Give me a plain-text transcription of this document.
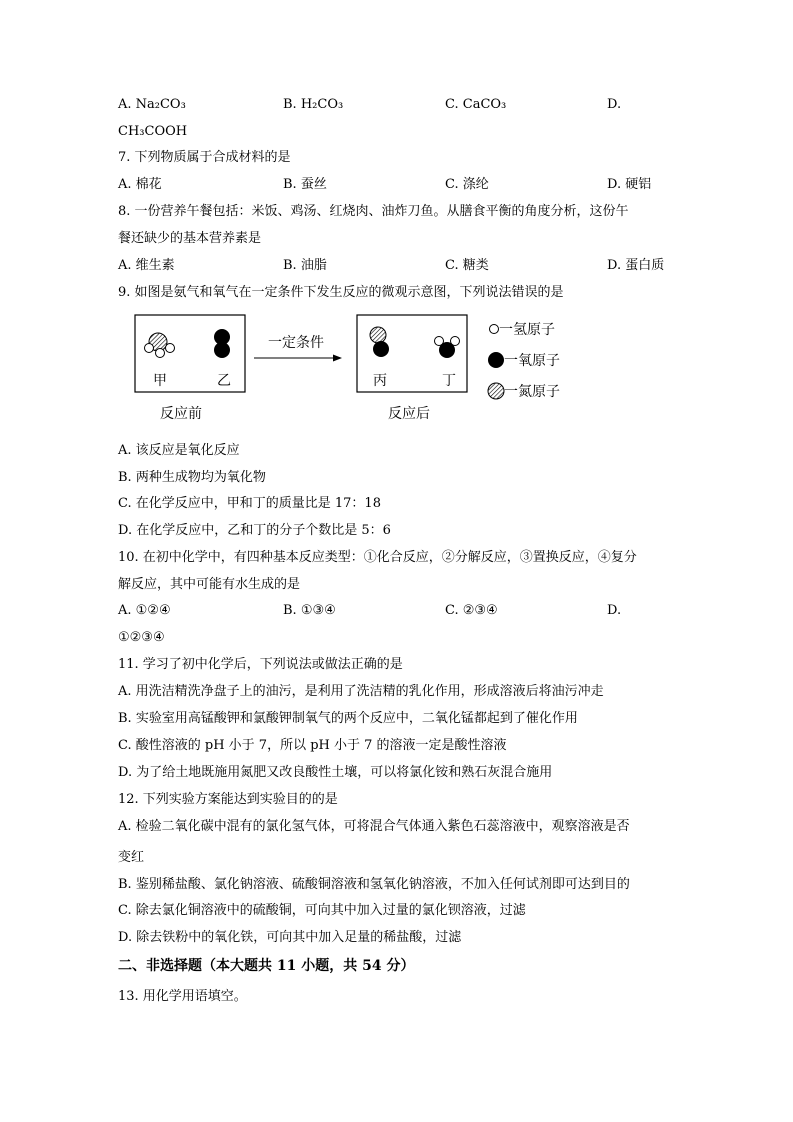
A. Na₂CO₃	B. H₂CO₃	C. CaCO₃	D.
CH₃COOH
7. 下列物质属于合成材料的是
A. 棉花	B. 蚕丝	C. 涤纶	D. 硬铝
8. 一份营养午餐包括：米饭、鸡汤、红烧肉、油炸刀鱼。从膳食平衡的角度分析，这份午
餐还缺少的基本营养素是
A. 维生素	B. 油脂	C. 糖类	D. 蛋白质
9. 如图是氨气和氧气在一定条件下发生反应的微观示意图，下列说法错误的是
甲	乙
一定条件
丙	丁
反应前	反应后
一氢原子
一氧原子
一氮原子
A. 该反应是氧化反应
B. 两种生成物均为氧化物
C. 在化学反应中，甲和丁的质量比是 17：18
D. 在化学反应中，乙和丁的分子个数比是 5：6
10. 在初中化学中，有四种基本反应类型：①化合反应，②分解反应，③置换反应，④复分
解反应，其中可能有水生成的是
A. ①②④	B. ①③④	C. ②③④	D.
①②③④
11. 学习了初中化学后，下列说法或做法正确的是
A. 用洗洁精洗净盘子上的油污，是利用了洗洁精的乳化作用，形成溶液后将油污冲走
B. 实验室用高锰酸钾和氯酸钾制氧气的两个反应中，二氧化锰都起到了催化作用
C. 酸性溶液的 pH 小于 7，所以 pH 小于 7 的溶液一定是酸性溶液
D. 为了给土地既施用氮肥又改良酸性土壤，可以将氯化铵和熟石灰混合施用
12. 下列实验方案能达到实验目的的是
A. 检验二氧化碳中混有的氯化氢气体，可将混合气体通入紫色石蕊溶液中，观察溶液是否
变红
B. 鉴别稀盐酸、氯化钠溶液、硫酸铜溶液和氢氧化钠溶液，不加入任何试剂即可达到目的
C. 除去氯化铜溶液中的硫酸铜，可向其中加入过量的氯化钡溶液，过滤
D. 除去铁粉中的氧化铁，可向其中加入足量的稀盐酸，过滤
二、非选择题（本大题共 11 小题，共 54 分）
13. 用化学用语填空。
